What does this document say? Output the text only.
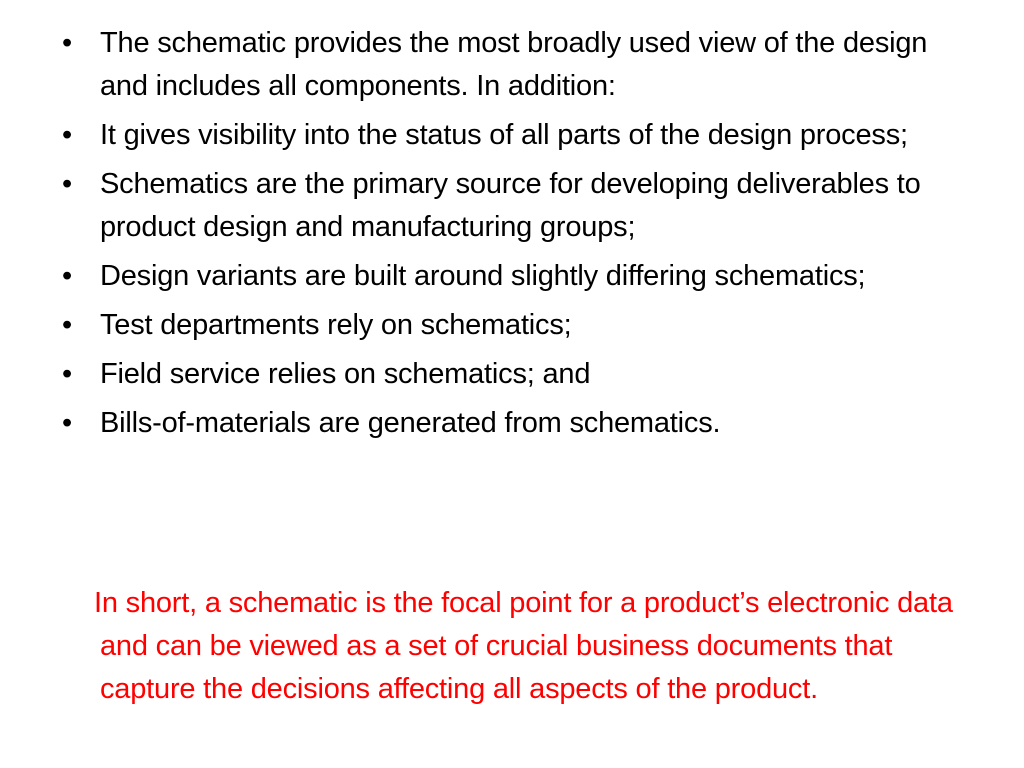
• The schematic provides the most broadly used view of the design and includes all components. In addition:
• It gives visibility into the status of all parts of the design process;
• Schematics are the primary source for developing deliverables to product design and manufacturing groups;
• Design variants are built around slightly differing schematics;
• Test departments rely on schematics;
• Field service relies on schematics; and
• Bills-of-materials are generated from schematics.
In short, a schematic is the focal point for a product’s electronic data and can be viewed as a set of crucial business documents that capture the decisions affecting all aspects of the product.
